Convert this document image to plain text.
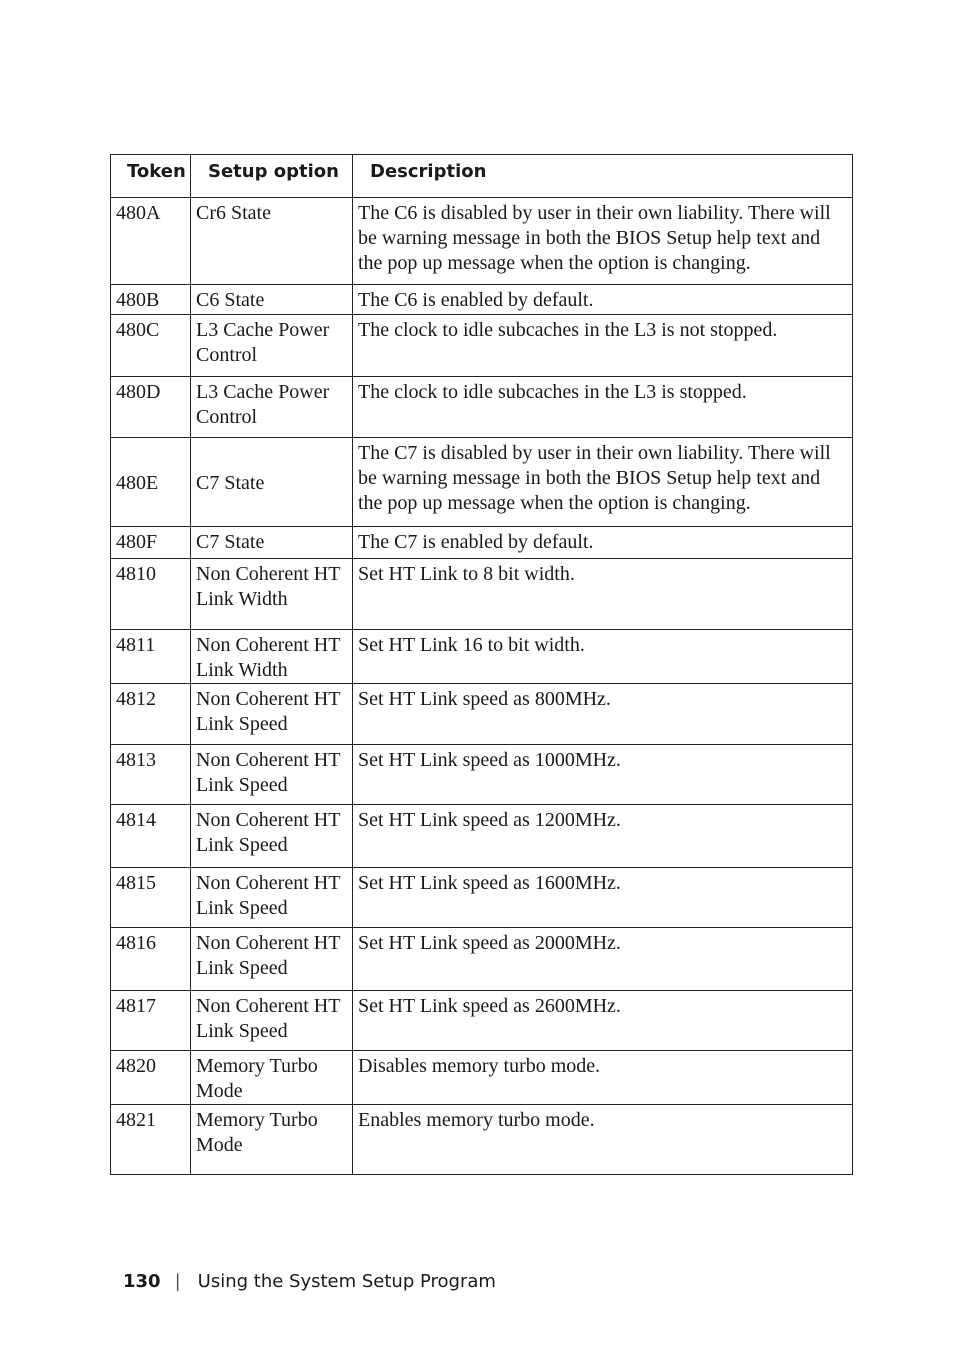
Token	Setup option	Description
480A	Cr6 State	The C6 is disabled by user in their own liability. There will be warning message in both the BIOS Setup help text and the pop up message when the option is changing.
480B	C6 State	The C6 is enabled by default.
480C	L3 Cache Power Control	The clock to idle subcaches in the L3 is not stopped.
480D	L3 Cache Power Control	The clock to idle subcaches in the L3 is stopped.
480E	C7 State	The C7 is disabled by user in their own liability. There will be warning message in both the BIOS Setup help text and the pop up message when the option is changing.
480F	C7 State	The C7 is enabled by default.
4810	Non Coherent HT Link Width	Set HT Link to 8 bit width.
4811	Non Coherent HT Link Width	Set HT Link 16 to bit width.
4812	Non Coherent HT Link Speed	Set HT Link speed as 800MHz.
4813	Non Coherent HT Link Speed	Set HT Link speed as 1000MHz.
4814	Non Coherent HT Link Speed	Set HT Link speed as 1200MHz.
4815	Non Coherent HT Link Speed	Set HT Link speed as 1600MHz.
4816	Non Coherent HT Link Speed	Set HT Link speed as 2000MHz.
4817	Non Coherent HT Link Speed	Set HT Link speed as 2600MHz.
4820	Memory Turbo Mode	Disables memory turbo mode.
4821	Memory Turbo Mode	Enables memory turbo mode.
130 | Using the System Setup Program
